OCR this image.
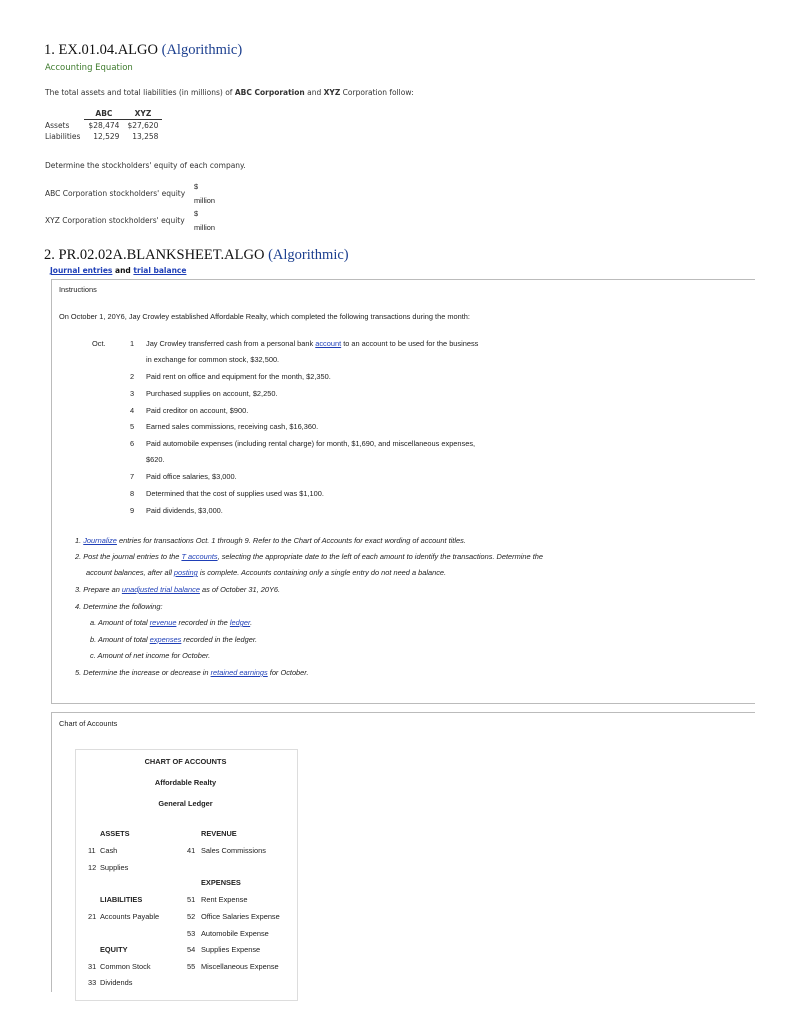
1. EX.01.04.ALGO (Algorithmic)
Accounting Equation
The total assets and total liabilities (in millions) of ABC Corporation and XYZ Corporation follow:
	ABC	XYZ
Assets	$28,474	$27,620
Liabilities	12,529	13,258
Determine the stockholders' equity of each company.
ABC Corporation stockholders' equity
$
million
XYZ Corporation stockholders' equity
$
million
2. PR.02.02A.BLANKSHEET.ALGO (Algorithmic)
Journal entries and trial balance
Instructions
On October 1, 20Y6, Jay Crowley established Affordable Realty, which completed the following transactions during the month:
Oct.	1 Jay Crowley transferred cash from a personal bank account to an account to be used for the business
in exchange for common stock, $32,500.
2 Paid rent on office and equipment for the month, $2,350.
3 Purchased supplies on account, $2,250.
4 Paid creditor on account, $900.
5 Earned sales commissions, receiving cash, $16,360.
6 Paid automobile expenses (including rental charge) for month, $1,690, and miscellaneous expenses,
$620.
7 Paid office salaries, $3,000.
8 Determined that the cost of supplies used was $1,100.
9 Paid dividends, $3,000.
1. Journalize entries for transactions Oct. 1 through 9. Refer to the Chart of Accounts for exact wording of account titles.
2. Post the journal entries to the T accounts, selecting the appropriate date to the left of each amount to identify the transactions. Determine the
account balances, after all posting is complete. Accounts containing only a single entry do not need a balance.
3. Prepare an unadjusted trial balance as of October 31, 20Y6.
4. Determine the following:
a. Amount of total revenue recorded in the ledger.
b. Amount of total expenses recorded in the ledger.
c. Amount of net income for October.
5. Determine the increase or decrease in retained earnings for October.
Chart of Accounts
CHART OF ACCOUNTS
Affordable Realty
General Ledger
ASSETS
11 Cash
12 Supplies
LIABILITIES
21 Accounts Payable
EQUITY
31 Common Stock
33 Dividends
REVENUE
41 Sales Commissions
EXPENSES
51 Rent Expense
52 Office Salaries Expense
53 Automobile Expense
54 Supplies Expense
55 Miscellaneous Expense
